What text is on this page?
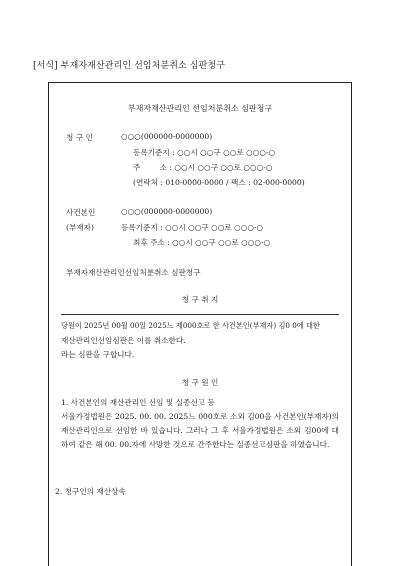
[서식] 부재자재산관리인 선임처분취소 심판청구
부재자재산관리인 선임처분취소 심판청구
청 구 인	○○○(000000-0000000)
등록기준지 : ○○시 ○○구 ○○로 ○○○-○
주        소 : ○○시 ○○구 ○○로 ○○○-○
(연락처 : 010-0000-0000 / 팩스 : 02-000-0000)
사건본인	○○○(000000-0000000)
(부재자)	등록기준지 : ○○시 ○○구 ○○로 ○○○-○
최후 주소 : ○○시 ○○구 ○○로 ○○○-○
부재자재산관리인선임처분취소 심판청구
청 구 취 지
당원이 2025년 00월 00일 2025느 제000호로 한 사건본인(부재자) 김0 0에 대한
재산관리인선임심판은 이를 취소한다.
라는 심판을 구합니다.
청 구 원 인
1. 사건본인의 재산관리인 선임 및 실종선고 등
서울가정법원은 2025. 00. 00. 2025느 000호로 소외 김00을 사건본인(부재자)의 재산관리인으로 선임한 바 있습니다. 그러나 그 후 서울가정법원은 소외 김00에 대하여 같은 해 00. 00.자에 사망한 것으로 간주한다는 실종선고심판을 하였습니다.
2. 청구인의 재산상속
